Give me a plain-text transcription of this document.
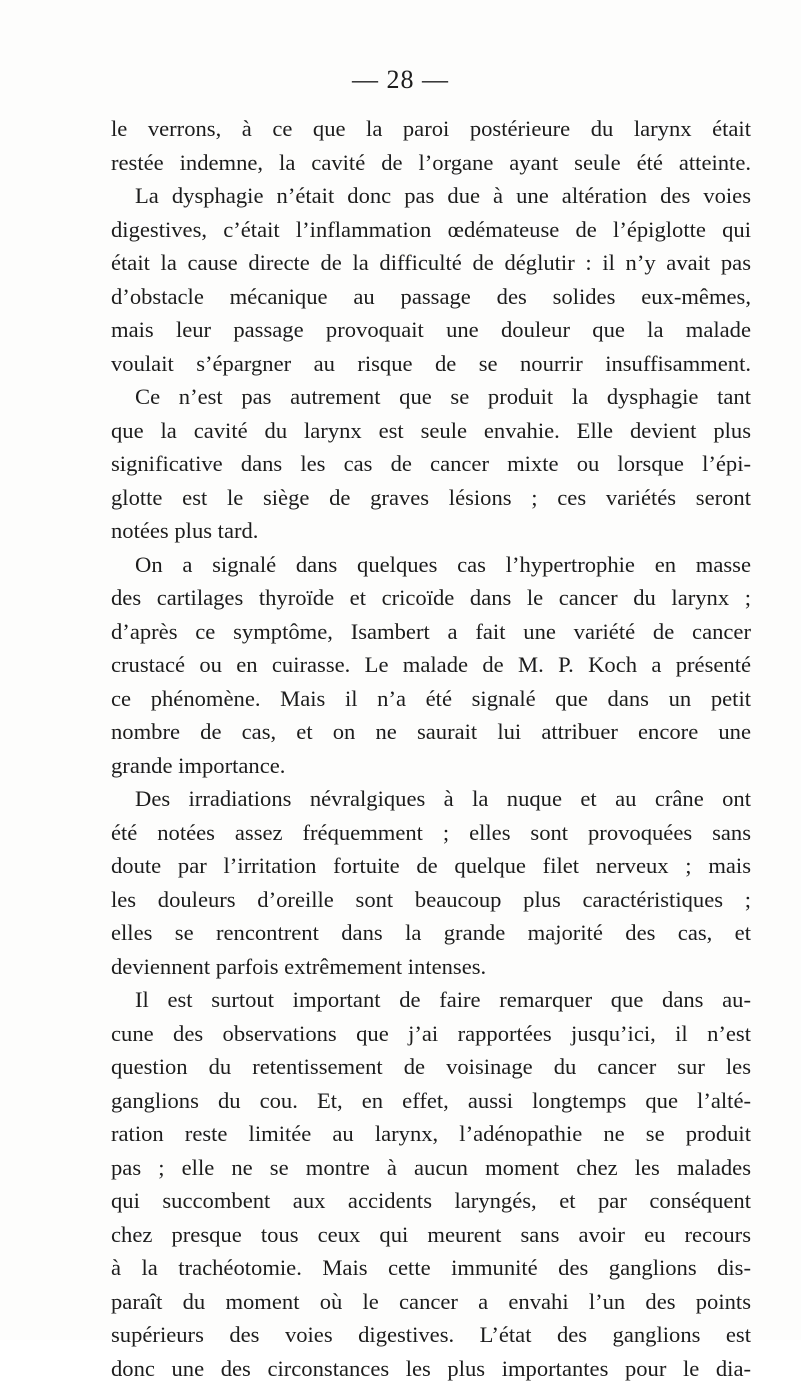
— 28 —
le verrons, à ce que la paroi postérieure du larynx était
restée indemne, la cavité de l’organe ayant seule été atteinte.
La dysphagie n’était donc pas due à une altération des voies
digestives, c’était l’inflammation œdémateuse de l’épiglotte qui
était la cause directe de la difficulté de déglutir : il n’y avait pas
d’obstacle mécanique au passage des solides eux-mêmes,
mais leur passage provoquait une douleur que la malade
voulait s’épargner au risque de se nourrir insuffisamment.
Ce n’est pas autrement que se produit la dysphagie tant
que la cavité du larynx est seule envahie. Elle devient plus
significative dans les cas de cancer mixte ou lorsque l’épi-
glotte est le siège de graves lésions ; ces variétés seront
notées plus tard.
On a signalé dans quelques cas l’hypertrophie en masse
des cartilages thyroïde et cricoïde dans le cancer du larynx ;
d’après ce symptôme, Isambert a fait une variété de cancer
crustacé ou en cuirasse. Le malade de M. P. Koch a présenté
ce phénomène. Mais il n’a été signalé que dans un petit
nombre de cas, et on ne saurait lui attribuer encore une
grande importance.
Des irradiations névralgiques à la nuque et au crâne ont
été notées assez fréquemment ; elles sont provoquées sans
doute par l’irritation fortuite de quelque filet nerveux ; mais
les douleurs d’oreille sont beaucoup plus caractéristiques ;
elles se rencontrent dans la grande majorité des cas, et
deviennent parfois extrêmement intenses.
Il est surtout important de faire remarquer que dans au-
cune des observations que j’ai rapportées jusqu’ici, il n’est
question du retentissement de voisinage du cancer sur les
ganglions du cou. Et, en effet, aussi longtemps que l’alté-
ration reste limitée au larynx, l’adénopathie ne se produit
pas ; elle ne se montre à aucun moment chez les malades
qui succombent aux accidents laryngés, et par conséquent
chez presque tous ceux qui meurent sans avoir eu recours
à la trachéotomie. Mais cette immunité des ganglions dis-
paraît du moment où le cancer a envahi l’un des points
supérieurs des voies digestives. L’état des ganglions est
donc une des circonstances les plus importantes pour le dia-
